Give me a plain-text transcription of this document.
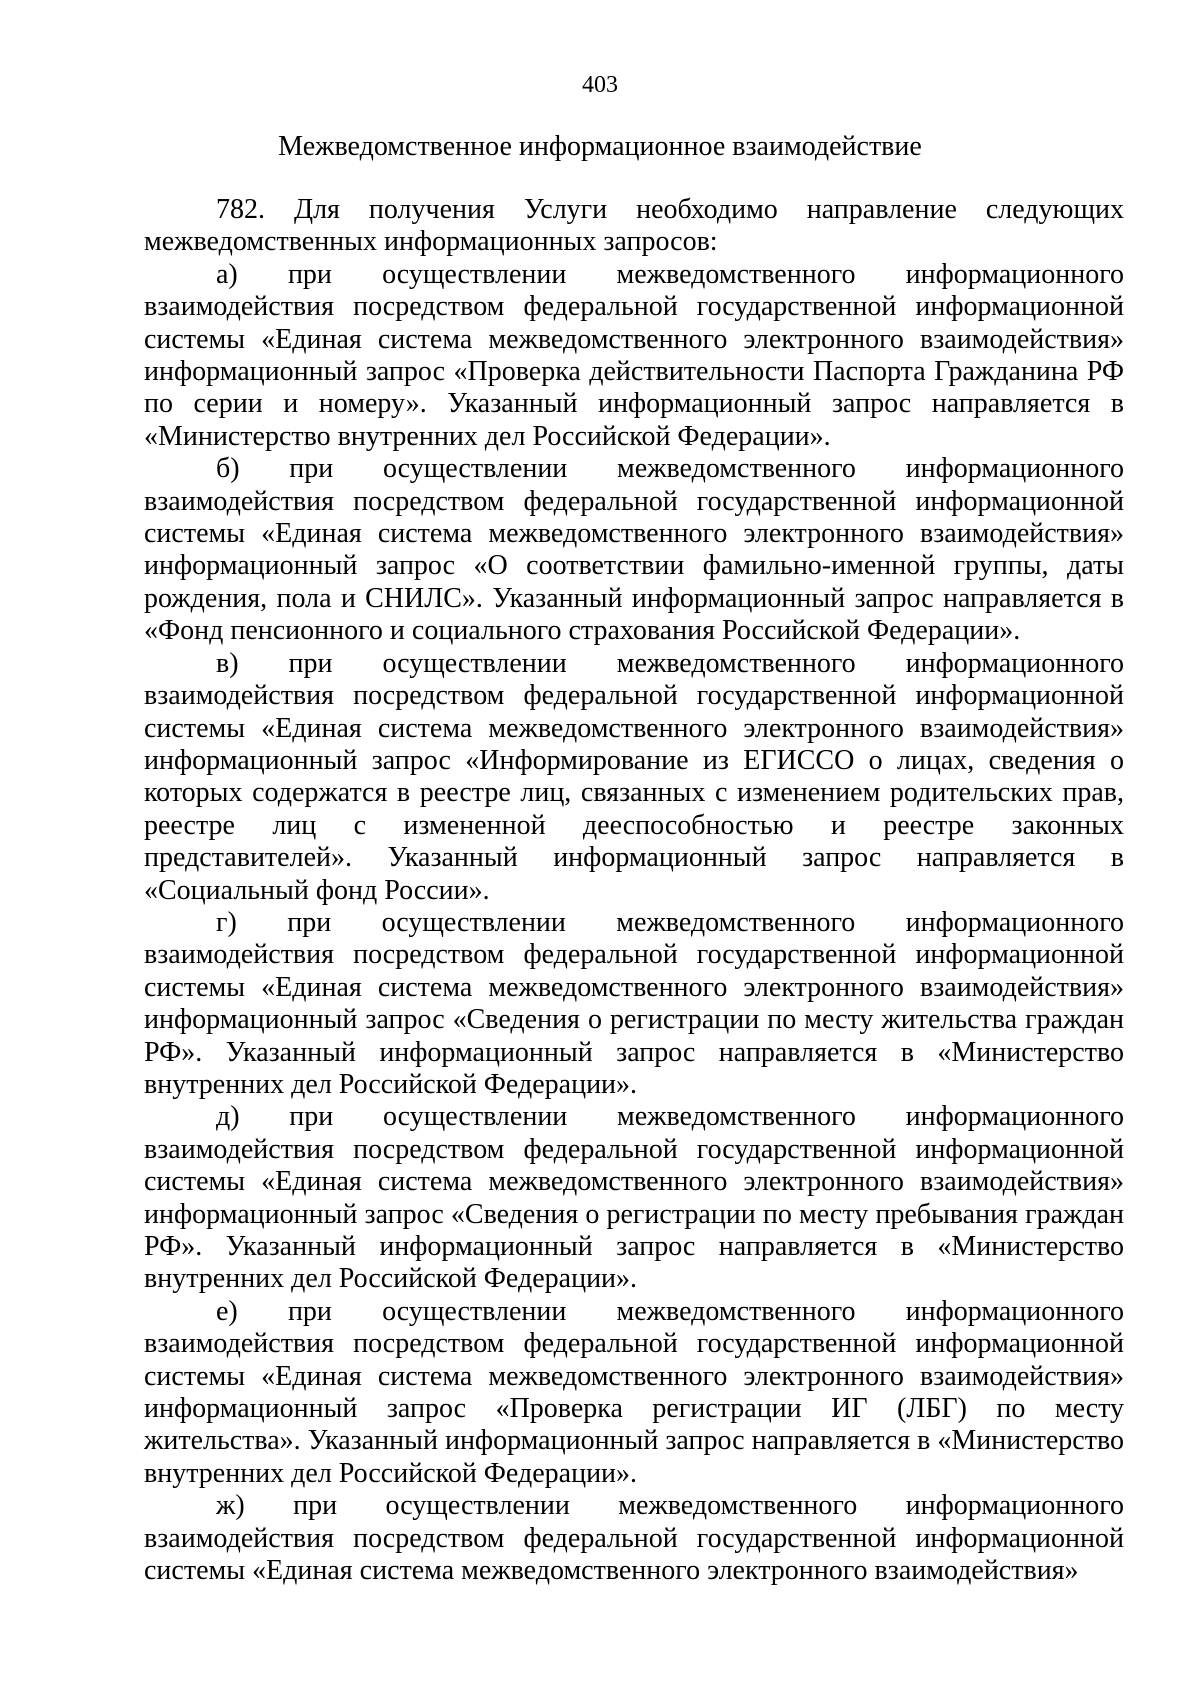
403
Межведомственное информационное взаимодействие

782. Для получения Услуги необходимо направление следующих межведомственных информационных запросов:

а) при осуществлении межведомственного информационного взаимодействия посредством федеральной государственной информационной системы «Единая система межведомственного электронного взаимодействия» информационный запрос «Проверка действительности Паспорта Гражданина РФ по серии и номеру». Указанный информационный запрос направляется в «Министерство внутренних дел Российской Федерации».

б) при осуществлении межведомственного информационного взаимодействия посредством федеральной государственной информационной системы «Единая система межведомственного электронного взаимодействия» информационный запрос «О соответствии фамильно-именной группы, даты рождения, пола и СНИЛС». Указанный информационный запрос направляется в «Фонд пенсионного и социального страхования Российской Федерации».

в) при осуществлении межведомственного информационного взаимодействия посредством федеральной государственной информационной системы «Единая система межведомственного электронного взаимодействия» информационный запрос «Информирование из ЕГИССО о лицах, сведения о которых содержатся в реестре лиц, связанных с изменением родительских прав, реестре лиц с измененной дееспособностью и реестре законных представителей». Указанный информационный запрос направляется в «Социальный фонд России».

г) при осуществлении межведомственного информационного взаимодействия посредством федеральной государственной информационной системы «Единая система межведомственного электронного взаимодействия» информационный запрос «Сведения о регистрации по месту жительства граждан РФ». Указанный информационный запрос направляется в «Министерство внутренних дел Российской Федерации».

д) при осуществлении межведомственного информационного взаимодействия посредством федеральной государственной информационной системы «Единая система межведомственного электронного взаимодействия» информационный запрос «Сведения о регистрации по месту пребывания граждан РФ». Указанный информационный запрос направляется в «Министерство внутренних дел Российской Федерации».

е) при осуществлении межведомственного информационного взаимодействия посредством федеральной государственной информационной системы «Единая система межведомственного электронного взаимодействия» информационный запрос «Проверка регистрации ИГ (ЛБГ) по месту жительства». Указанный информационный запрос направляется в «Министерство внутренних дел Российской Федерации».

ж) при осуществлении межведомственного информационного взаимодействия посредством федеральной государственной информационной системы «Единая система межведомственного электронного взаимодействия»
